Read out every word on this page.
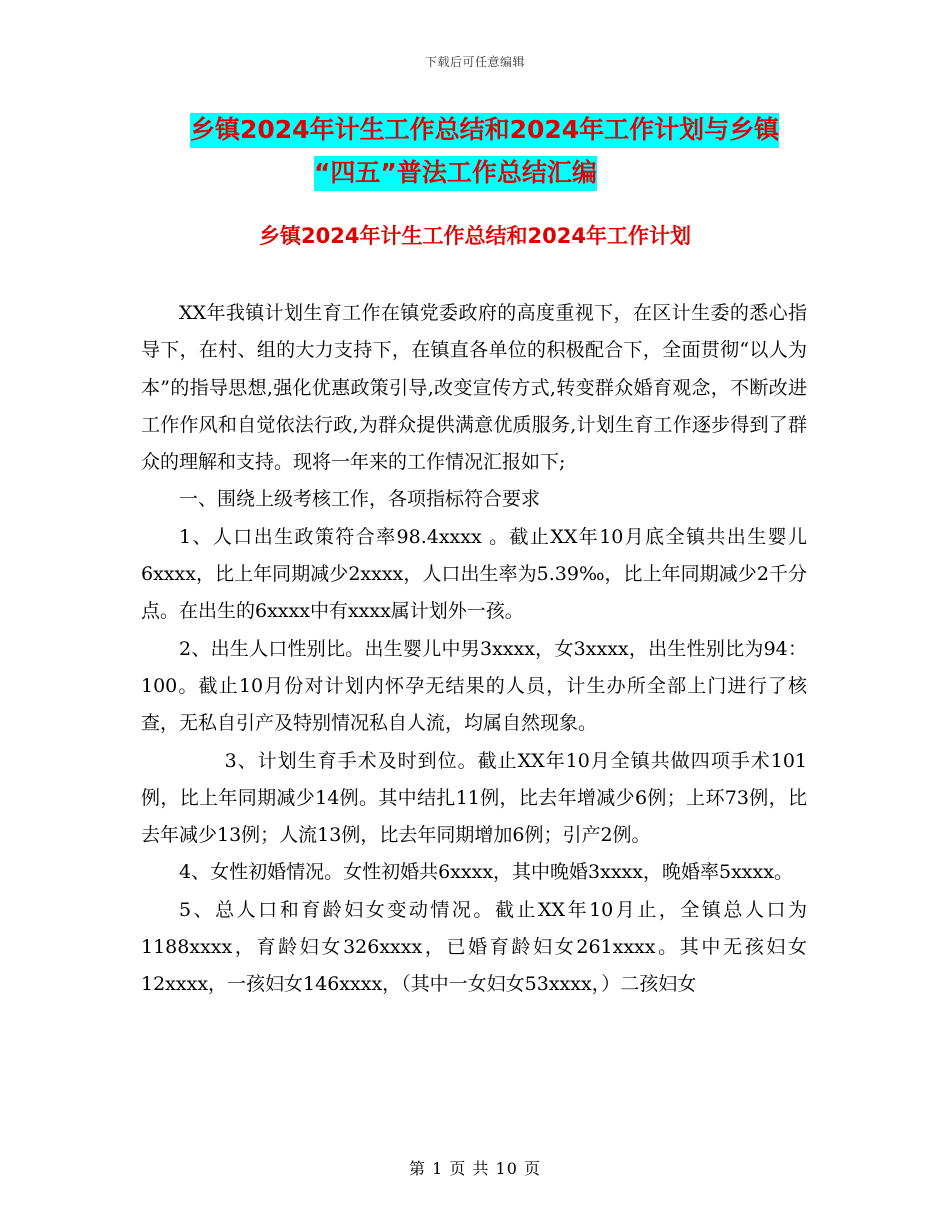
下载后可任意编辑
乡镇2024年计生工作总结和2024年工作计划与乡镇
“四五”普法工作总结汇编
乡镇2024年计生工作总结和2024年工作计划

XX年我镇计划生育工作在镇党委政府的高度重视下，在区计生委的悉心指导下，在村、组的大力支持下，在镇直各单位的积极配合下，全面贯彻“以人为本”的指导思想,强化优惠政策引导,改变宣传方式,转变群众婚育观念，不断改进工作作风和自觉依法行政,为群众提供满意优质服务,计划生育工作逐步得到了群众的理解和支持。现将一年来的工作情况汇报如下;

一、围绕上级考核工作，各项指标符合要求

1、人口出生政策符合率98.4xxxx 。截止XX年10月底全镇共出生婴儿6xxxx，比上年同期减少2xxxx，人口出生率为5.39‰，比上年同期减少2千分点。在出生的6xxxx中有xxxx属计划外一孩。

2、出生人口性别比。出生婴儿中男3xxxx，女3xxxx，出生性别比为94：100。截止10月份对计划内怀孕无结果的人员，计生办所全部上门进行了核查，无私自引产及特别情况私自人流，均属自然现象。

3、计划生育手术及时到位。截止XX年10月全镇共做四项手术101例，比上年同期减少14例。其中结扎11例，比去年增减少6例；上环73例，比去年减少13例；人流13例，比去年同期增加6例；引产2例。

4、女性初婚情况。女性初婚共6xxxx，其中晚婚3xxxx，晚婚率5xxxx。

5、总人口和育龄妇女变动情况。截止XX年10月止，全镇总人口为1188xxxx，育龄妇女326xxxx，已婚育龄妇女261xxxx。其中无孩妇女12xxxx，一孩妇女146xxxx，（其中一女妇女53xxxx，）二孩妇女

第 1 页 共 10 页
